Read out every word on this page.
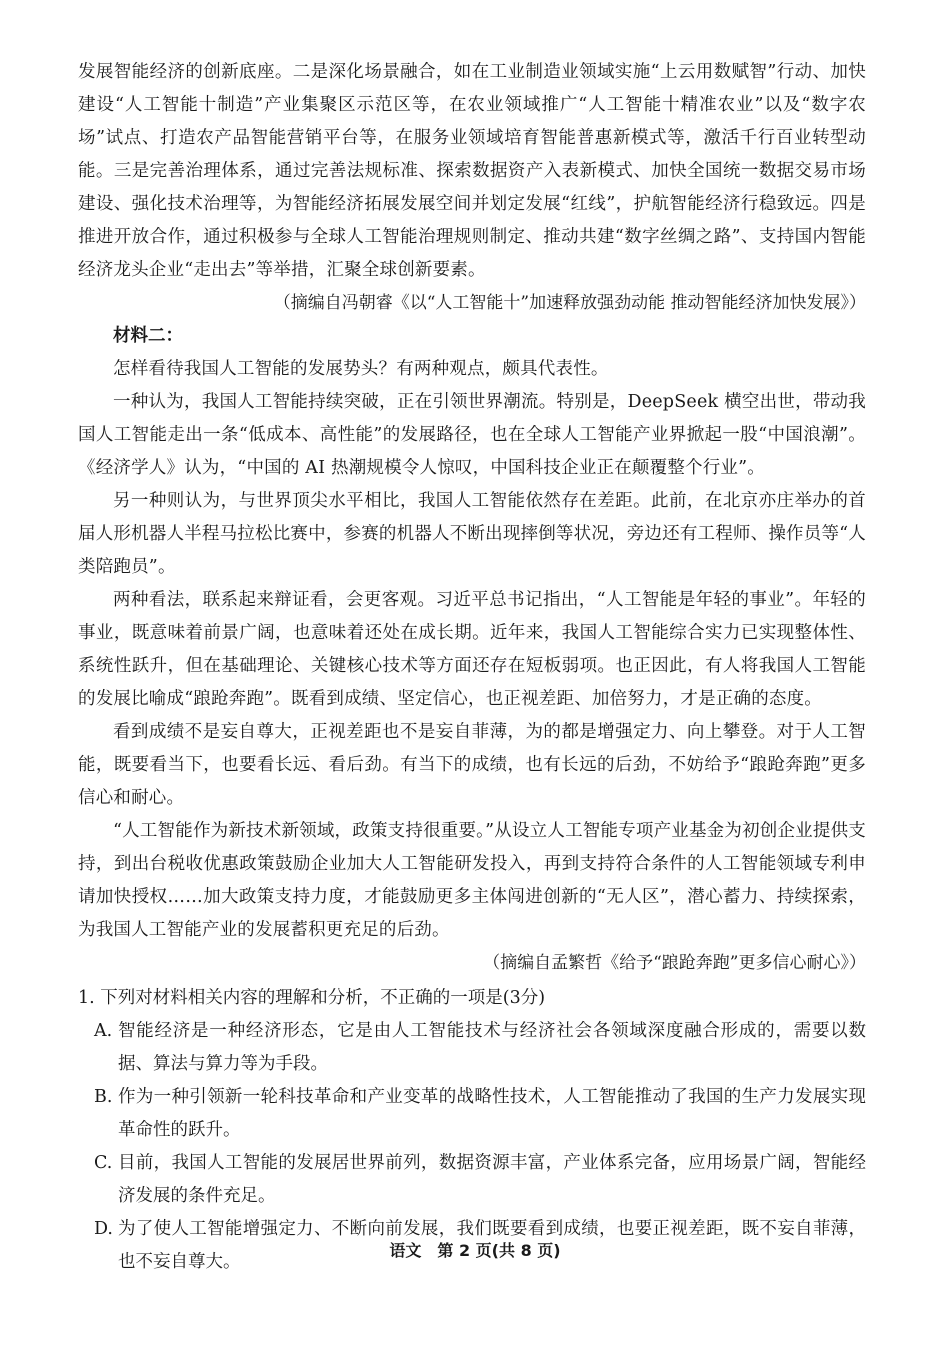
发展智能经济的创新底座。二是深化场景融合，如在工业制造业领域实施“上云用数赋智”行动、加快建设“人工智能十制造”产业集聚区示范区等，在农业领域推广“人工智能十精准农业”以及“数字农场”试点、打造农产品智能营销平台等，在服务业领域培育智能普惠新模式等，激活千行百业转型动能。三是完善治理体系，通过完善法规标准、探索数据资产入表新模式、加快全国统一数据交易市场建设、强化技术治理等，为智能经济拓展发展空间并划定发展“红线”，护航智能经济行稳致远。四是推进开放合作，通过积极参与全球人工智能治理规则制定、推动共建“数字丝绸之路”、支持国内智能经济龙头企业“走出去”等举措，汇聚全球创新要素。

（摘编自冯朝睿《以“人工智能十”加速释放强劲动能 推动智能经济加快发展》）

材料二：

怎样看待我国人工智能的发展势头？有两种观点，颇具代表性。

一种认为，我国人工智能持续突破，正在引领世界潮流。特别是，DeepSeek 横空出世，带动我国人工智能走出一条“低成本、高性能”的发展路径，也在全球人工智能产业界掀起一股“中国浪潮”。《经济学人》认为，“中国的 AI 热潮规模令人惊叹，中国科技企业正在颠覆整个行业”。

另一种则认为，与世界顶尖水平相比，我国人工智能依然存在差距。此前，在北京亦庄举办的首届人形机器人半程马拉松比赛中，参赛的机器人不断出现摔倒等状况，旁边还有工程师、操作员等“人类陪跑员”。

两种看法，联系起来辩证看，会更客观。习近平总书记指出，“人工智能是年轻的事业”。年轻的事业，既意味着前景广阔，也意味着还处在成长期。近年来，我国人工智能综合实力已实现整体性、系统性跃升，但在基础理论、关键核心技术等方面还存在短板弱项。也正因此，有人将我国人工智能的发展比喻成“踉跄奔跑”。既看到成绩、坚定信心，也正视差距、加倍努力，才是正确的态度。

看到成绩不是妄自尊大，正视差距也不是妄自菲薄，为的都是增强定力、向上攀登。对于人工智能，既要看当下，也要看长远、看后劲。有当下的成绩，也有长远的后劲，不妨给予“踉跄奔跑”更多信心和耐心。

“人工智能作为新技术新领域，政策支持很重要。”从设立人工智能专项产业基金为初创企业提供支持，到出台税收优惠政策鼓励企业加大人工智能研发投入，再到支持符合条件的人工智能领域专利申请加快授权……加大政策支持力度，才能鼓励更多主体闯进创新的“无人区”，潜心蓄力、持续探索，为我国人工智能产业的发展蓄积更充足的后劲。

（摘编自孟繁哲《给予“踉跄奔跑”更多信心耐心》）

1. 下列对材料相关内容的理解和分析，不正确的一项是(3分)

A. 智能经济是一种经济形态，它是由人工智能技术与经济社会各领域深度融合形成的，需要以数据、算法与算力等为手段。
B. 作为一种引领新一轮科技革命和产业变革的战略性技术，人工智能推动了我国的生产力发展实现革命性的跃升。
C. 目前，我国人工智能的发展居世界前列，数据资源丰富，产业体系完备，应用场景广阔，智能经济发展的条件充足。
D. 为了使人工智能增强定力、不断向前发展，我们既要看到成绩，也要正视差距，既不妄自菲薄，也不妄自尊大。
语文　第 2 页(共 8 页)
